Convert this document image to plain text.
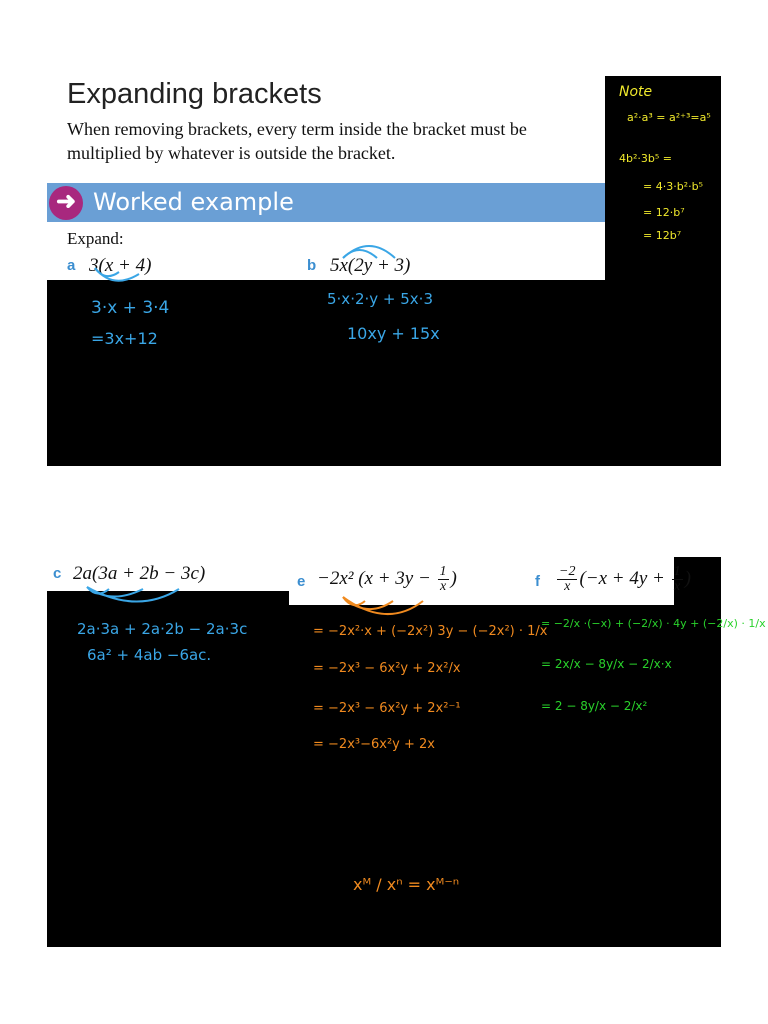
Expanding brackets
When removing brackets, every term inside the bracket must be
multiplied by whatever is outside the bracket.
➜ Worked example
Expand:
a 3(x + 4)	b 5x(2y + 3)
3·x + 3·4
=3x+12
5·x·2·y + 5x·3
10xy + 15x
Note
a²·a³ = a²⁺³=a⁵
4b²·3b⁵ =
= 4·3·b²·b⁵
= 12·b⁷
= 12b⁷
c 2a(3a + 2b − 3c)	e −2x² ($x + 3y - \frac{1}{x}$ )	f $\frac{-2}{x} (-x + 4y + \frac{1}{x}$ )
2a·3a + 2a·2b − 2a·3c
6a² + 4ab −6ac.
= −2x²·x + (−2x²) 3y − (−2x²) · 1/x
= −2x³ − 6x²y + 2x²/x
= −2x³ − 6x²y + 2x²⁻¹
= −2x³−6x²y + 2x
= −2/x ·(−x) + (−2/x) · 4y + (−2/x) · 1/x
= 2x/x − 8y/x − 2/x·x
= 2 − 8y/x − 2/x²
xᴹ / xⁿ = xᴹ⁻ⁿ
